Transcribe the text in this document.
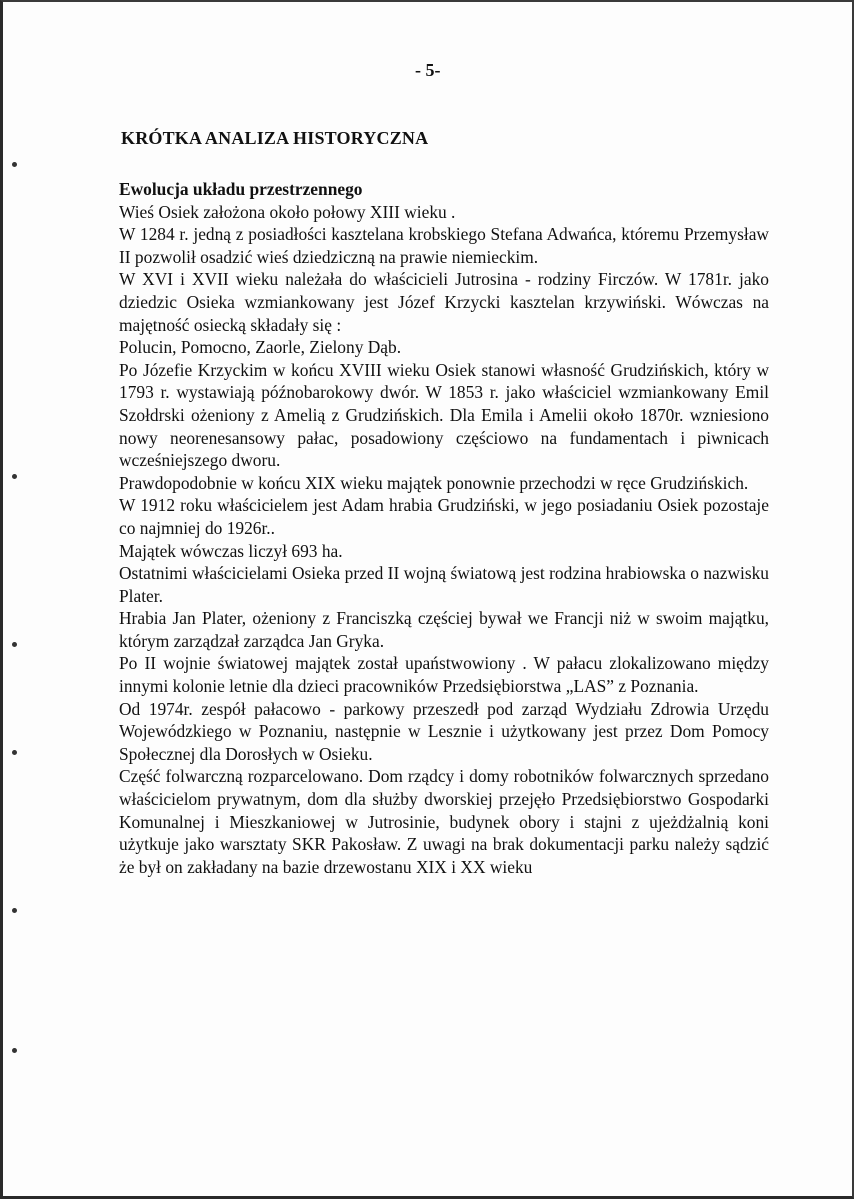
- 5-
KRÓTKA ANALIZA HISTORYCZNA
Ewolucja układu przestrzennego
Wieś Osiek założona około połowy XIII wieku .
W 1284 r. jedną z posiadłości kasztelana krobskiego Stefana Adwańca, któremu Przemysław II pozwolił osadzić wieś dziedziczną na prawie niemieckim.
W XVI i XVII wieku należała do właścicieli Jutrosina - rodziny Firczów. W 1781r. jako dziedzic Osieka wzmiankowany jest Józef Krzycki kasztelan krzywiński. Wówczas na majętność osiecką składały się :
Polucin, Pomocno, Zaorle, Zielony Dąb.
Po Józefie Krzyckim w końcu XVIII wieku Osiek stanowi własność Grudzińskich, który w 1793 r. wystawiają późnobarokowy dwór. W 1853 r. jako właściciel wzmiankowany Emil Szołdrski ożeniony z Amelią z Grudzińskich. Dla Emila i Amelii około 1870r. wzniesiono nowy neorenesansowy pałac, posadowiony częściowo na fundamentach i piwnicach wcześniejszego dworu.
Prawdopodobnie w końcu XIX wieku majątek ponownie przechodzi w ręce Grudzińskich.
W 1912 roku właścicielem jest Adam hrabia Grudziński, w jego posiadaniu Osiek pozostaje co najmniej do 1926r..
Majątek wówczas liczył 693 ha.
Ostatnimi właścicielami Osieka przed II wojną światową jest rodzina hrabiowska o nazwisku Plater.
Hrabia Jan Plater, ożeniony z Franciszką częściej bywał we Francji niż w swoim majątku, którym zarządzał zarządca Jan Gryka.
Po II wojnie światowej majątek został upaństwowiony . W pałacu zlokalizowano między innymi kolonie letnie dla dzieci pracowników Przedsiębiorstwa „LAS” z Poznania.
Od 1974r. zespół pałacowo - parkowy przeszedł pod zarząd Wydziału Zdrowia Urzędu Wojewódzkiego w Poznaniu, następnie w Lesznie i użytkowany jest przez Dom Pomocy Społecznej dla Dorosłych w Osieku.
Część folwarczną rozparcelowano. Dom rządcy i domy robotników folwarcznych sprzedano właścicielom prywatnym, dom dla służby dworskiej przejęło Przedsiębiorstwo Gospodarki Komunalnej i Mieszkaniowej w Jutrosinie, budynek obory i stajni z ujeżdżalnią koni użytkuje jako warsztaty SKR Pakosław. Z uwagi na brak dokumentacji parku należy sądzić że był on zakładany na bazie drzewostanu XIX i XX wieku
